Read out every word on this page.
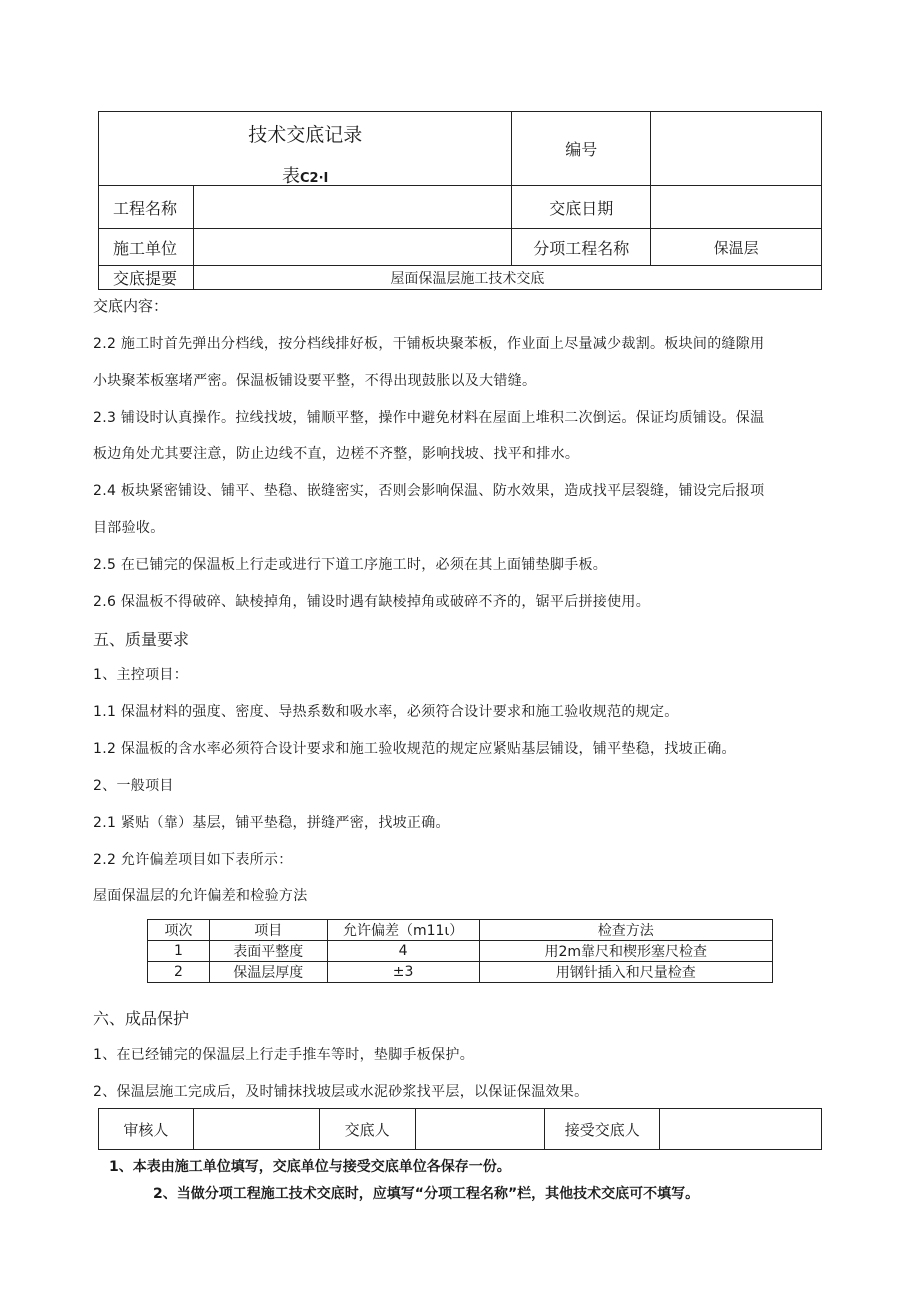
技术交底记录
表C2·I		编号	
工程名称		交底日期	
施工单位		分项工程名称	保温层
交底提要	屋面保温层施工技术交底		
交底内容：
2.2 施工时首先弹出分档线，按分档线排好板，干铺板块聚苯板，作业面上尽量减少裁割。板块间的缝隙用
小块聚苯板塞堵严密。保温板铺设要平整，不得出现鼓胀以及大错缝。
2.3 铺设时认真操作。拉线找坡，铺顺平整，操作中避免材料在屋面上堆积二次倒运。保证均质铺设。保温
板边角处尤其要注意，防止边线不直，边槎不齐整，影响找坡、找平和排水。
2.4 板块紧密铺设、铺平、垫稳、嵌缝密实，否则会影响保温、防水效果，造成找平层裂缝，铺设完后报项
目部验收。
2.5 在已铺完的保温板上行走或进行下道工序施工时，必须在其上面铺垫脚手板。
2.6 保温板不得破碎、缺棱掉角，铺设时遇有缺棱掉角或破碎不齐的，锯平后拼接使用。
五、质量要求
1、主控项目：
1.1 保温材料的强度、密度、导热系数和吸水率，必须符合设计要求和施工验收规范的规定。
1.2 保温板的含水率必须符合设计要求和施工验收规范的规定应紧贴基层铺设，铺平垫稳，找坡正确。
2、一般项目
2.1 紧贴（靠）基层，铺平垫稳，拼缝严密，找坡正确。
2.2 允许偏差项目如下表所示：
屋面保温层的允许偏差和检验方法
项次	项目	允许偏差（m11ι）	检查方法
1	表面平整度	4	用2m靠尺和楔形塞尺检查
2	保温层厚度	±3	用钢针插入和尺量检查
六、成品保护
1、在已经铺完的保温层上行走手推车等时，垫脚手板保护。
2、保温层施工完成后，及时铺抹找坡层或水泥砂浆找平层，以保证保温效果。
审核人		交底人		接受交底人	
1、本表由施工单位填写，交底单位与接受交底单位各保存一份。
2、当做分项工程施工技术交底时，应填写“分项工程名称”栏，其他技术交底可不填写。
